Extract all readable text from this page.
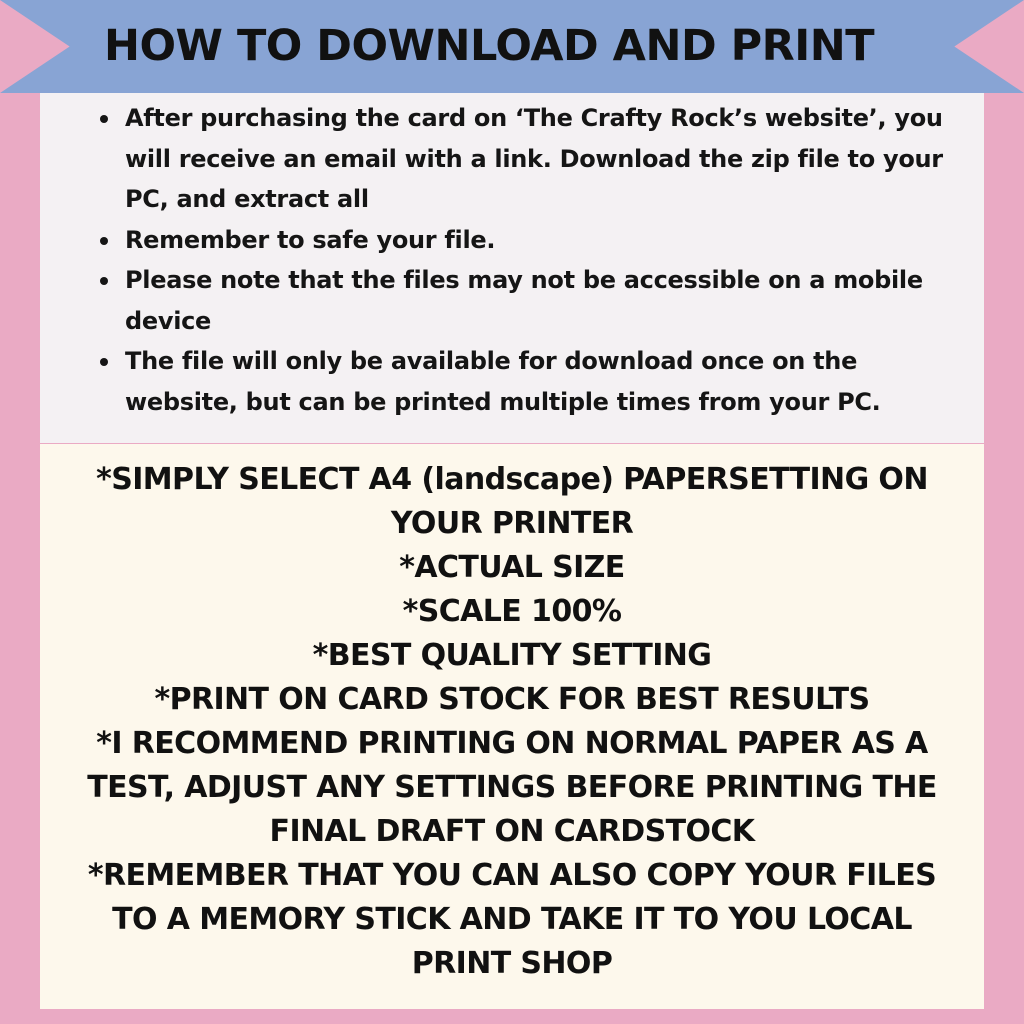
HOW TO DOWNLOAD AND PRINT
After purchasing the card on ‘The Crafty Rock’s website’, you will receive an email with a link. Download the zip file to your PC, and extract all
Remember to safe your file.
Please note that the files may not be accessible on a mobile device
The file will only be available for download once on the website, but can be printed multiple times from your PC.
*SIMPLY SELECT A4 (landscape) PAPERSETTING ON
YOUR PRINTER
*ACTUAL SIZE
*SCALE 100%
*BEST QUALITY SETTING
*PRINT ON CARD STOCK FOR BEST RESULTS
*I RECOMMEND PRINTING ON NORMAL PAPER AS A
TEST, ADJUST ANY SETTINGS BEFORE PRINTING THE
FINAL DRAFT ON CARDSTOCK
*REMEMBER THAT YOU CAN ALSO COPY YOUR FILES
TO A MEMORY STICK AND TAKE IT TO YOU LOCAL
PRINT SHOP
